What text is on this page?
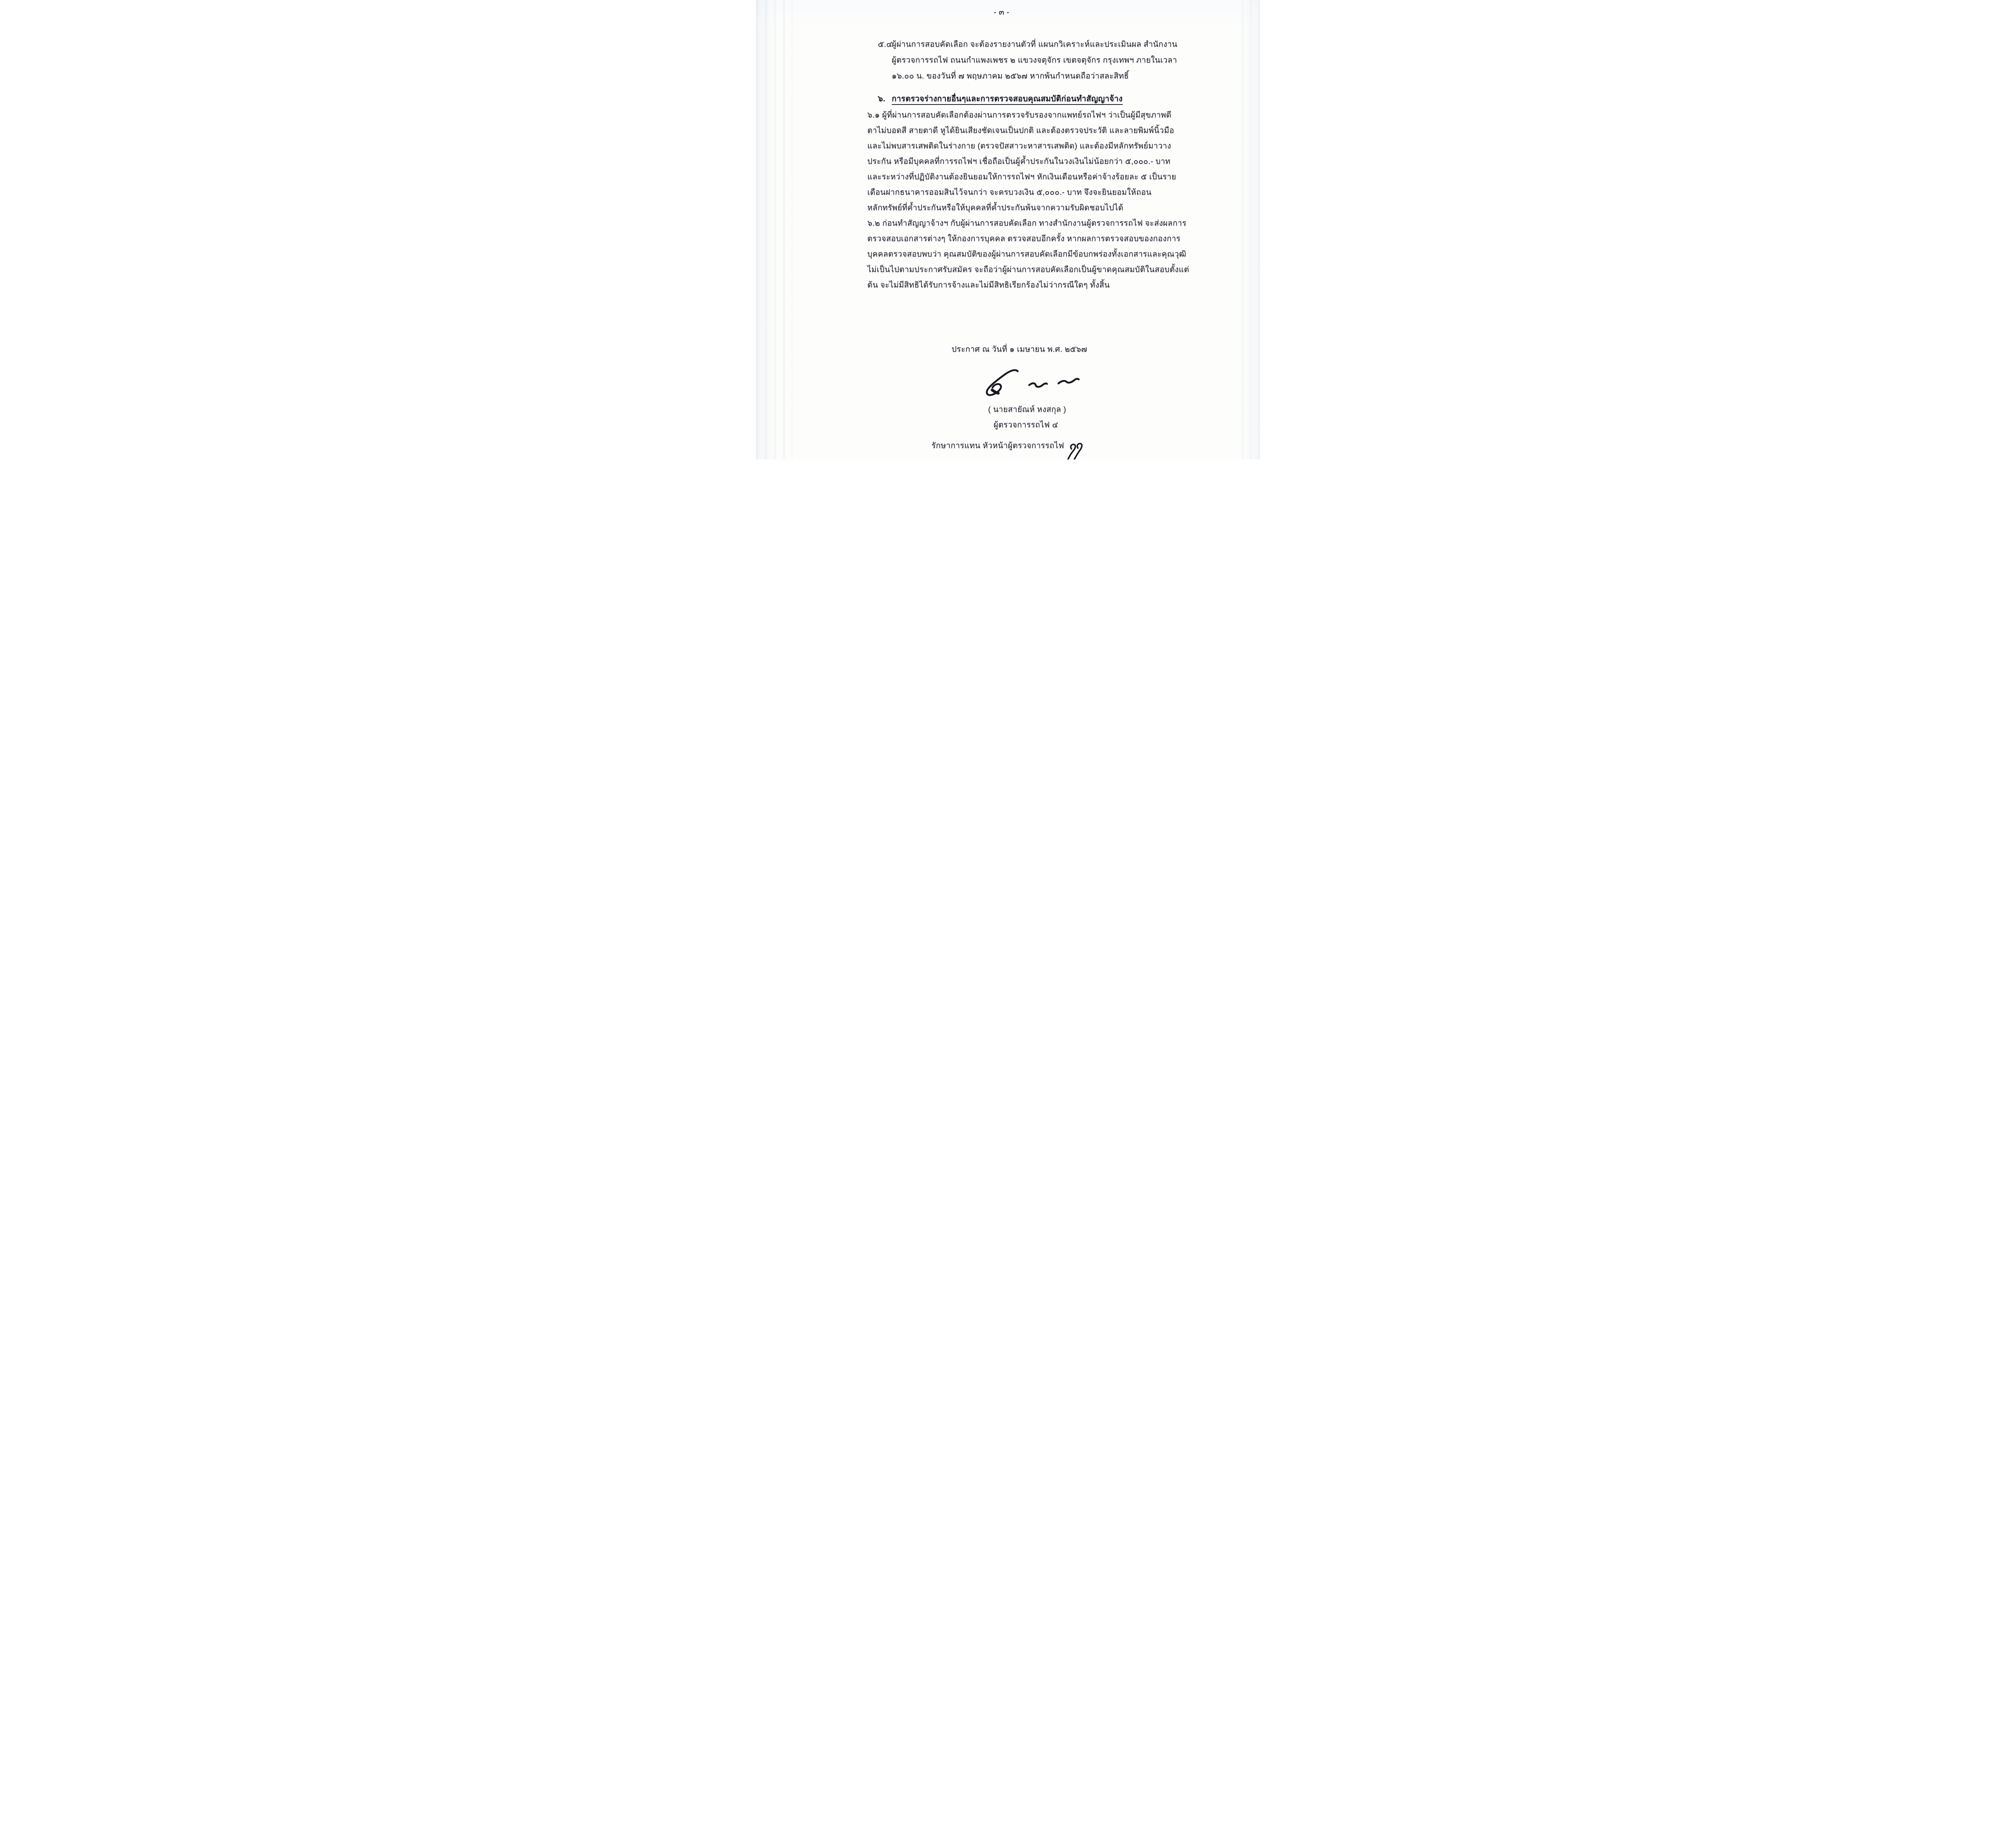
- ๓ -
๕.๔
ผู้ผ่านการสอบคัดเลือก จะต้องรายงานตัวที่ แผนกวิเคราะห์และประเมินผล สำนักงาน
ผู้ตรวจการรถไฟ ถนนกำแพงเพชร ๒ แขวงจตุจักร เขตจตุจักร กรุงเทพฯ ภายในเวลา
๑๖.๐๐ น. ของวันที่ ๗ พฤษภาคม ๒๕๖๗ หากพ้นกำหนดถือว่าสละสิทธิ์
๖. การตรวจร่างกายอื่นๆและการตรวจสอบคุณสมบัติก่อนทำสัญญาจ้าง
๖.๑ ผู้ที่ผ่านการสอบคัดเลือกต้องผ่านการตรวจรับรองจากแพทย์รถไฟฯ ว่าเป็นผู้มีสุขภาพดี
ตาไม่บอดสี สายตาดี หูได้ยินเสียงชัดเจนเป็นปกติ และต้องตรวจประวัติ และลายพิมพ์นิ้วมือ
และไม่พบสารเสพติดในร่างกาย (ตรวจปัสสาวะหาสารเสพติด) และต้องมีหลักทรัพย์มาวาง
ประกัน หรือมีบุคคลที่การรถไฟฯ เชื่อถือเป็นผู้ค้ำประกันในวงเงินไม่น้อยกว่า ๕,๐๐๐.- บาท
และระหว่างที่ปฏิบัติงานต้องยินยอมให้การรถไฟฯ หักเงินเดือนหรือค่าจ้างร้อยละ ๕ เป็นราย
เดือนฝากธนาคารออมสินไว้จนกว่า จะครบวงเงิน ๕,๐๐๐.- บาท จึงจะยินยอมให้ถอน
หลักทรัพย์ที่ค้ำประกันหรือให้บุคคลที่ค้ำประกันพ้นจากความรับผิดชอบไปได้
๖.๒ ก่อนทำสัญญาจ้างฯ กับผู้ผ่านการสอบคัดเลือก ทางสำนักงานผู้ตรวจการรถไฟ จะส่งผลการ
ตรวจสอบเอกสารต่างๆ ให้กองการบุคคล ตรวจสอบอีกครั้ง หากผลการตรวจสอบของกองการ
บุคคลตรวจสอบพบว่า คุณสมบัติของผู้ผ่านการสอบคัดเลือกมีข้อบกพร่องทั้งเอกสารและคุณวุฒิ
ไม่เป็นไปตามประกาศรับสมัคร จะถือว่าผู้ผ่านการสอบคัดเลือกเป็นผู้ขาดคุณสมบัติในสอบตั้งแต่
ต้น จะไม่มีสิทธิได้รับการจ้างและไม่มีสิทธิเรียกร้องไม่ว่ากรณีใดๆ ทั้งสิ้น
ประกาศ ณ วันที่ ๑ เมษายน พ.ศ. ๒๕๖๗
( นายสายัณห์ หงสกุล )
ผู้ตรวจการรถไฟ ๔
รักษาการแทน หัวหน้าผู้ตรวจการรถไฟ
